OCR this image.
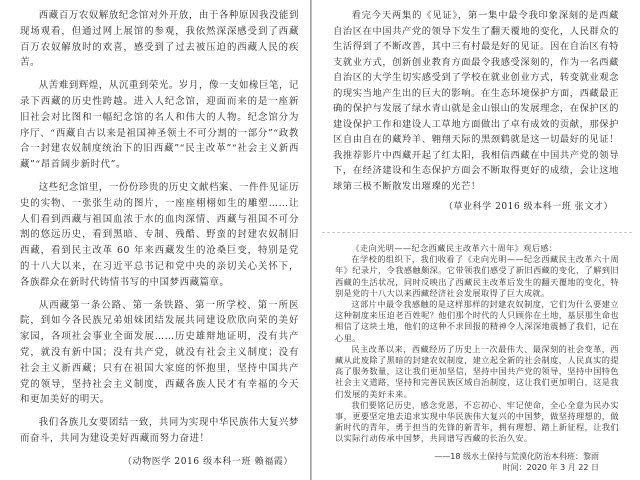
西藏百万农奴解放纪念馆对外开放，由于各种原因我没能到现场观看，但通过网上展馆的参观，我依然深深感受到了西藏百万农奴解放时的欢喜，感受到了过去被压迫的西藏人民的疾苦。

从苦难到辉煌，从沉重到荣光。岁月，像一支如椽巨笔，记录下西藏的历史性跨越。进入人纪念馆，迎面而来的是一座新旧社会对比图和一幅纪念馆的名人和伟大的人物。纪念馆分为序厅、“西藏自古以来是祖国神圣领土不可分割的一部分”“政教合一封建农奴制度统治下的旧西藏”“民主改革”“社会主义新西藏”“昂首阔步新时代”。

这些纪念馆里，一份份珍贵的历史文献档案、一件件见证历史的实物、一张张生动的图片，一座座栩栩如生的雕塑……让人们看到西藏与祖国血浓于水的血肉深情、西藏与祖国不可分割的悠远历史，看到黑暗、专制、残酷、野蛮的封建农奴制旧西藏，看到民主改革 60 年来西藏发生的沧桑巨变，特别是党的十八大以来，在习近平总书记和党中央的亲切关心关怀下，各族群众在新时代铸情书写的中国梦西藏篇章。

从西藏第一条公路、第一条铁路、第一所学校、第一所医院，到如今各民族兄弟姐妹团结发展共同建设欣欣向荣的美好家园，各项社会事业全面发展……历史雄辩地证明，没有共产党，就没有新中国；没有共产党，就没有社会主义制度；没有社会主义新西藏；只有在祖国大家庭的怀抱里，坚持中国共产党的领导，坚持社会主义制度，西藏各族人民才有幸福的今天和更加美好的明天。

我们各族儿女要团结一致，共同为实现中华民族伟大复兴梦而奋斗，共同为建设美好西藏而努力奋进！

（动物医学 2016 级本科一班 赖福霞）

看完今天两集的《见证》，第一集中最令我印象深刻的是西藏自治区在中国共产党的领导下发生了翻天覆地的变化，人民群众的生活得到了不断改善，其中三有村最是好的见证。因在自治区有特支就业方式，创新创业教育方面最令我感受深刻的，作为一名西藏自治区的大学生切实感受到了学校在就业创业方式，转变就业观念的现实当地产生出的巨大的影响。在生态环境保护方面，西藏最正确的保护与发展了绿水青山就是金山银山的发展理念，在保护区的建设保护工作和建设人工草地方面做出了卓有成效的贡献，那保护区自由自在的藏羚羊、翱翔天际的黑颈鹤就是这一切最好的见证！我推荐影片中西藏开起了红太阳，我相信西藏在中国共产党的领导下，在经济建设和生态保护方面会不断取得更好的成绩，会让这地球第三极不断散发出璀璨的光芒！

（草业科学 2016 级本科一班 张文才）

《走向光明——纪念西藏民主改革六十周年》观后感：

在学校的组织下，我们收看了《走向光明——纪念西藏民主改革六十周年》纪录片，令我感触颇深。它带领我们感受了新旧西藏的变化，了解到旧西藏的生活状况，同时反映出了西藏民主改革后发生的翻天覆地的变化，特别是党的十八大以来西藏经济社会发展取得了巨大成就。

这部片中最令我感触的是这样那样的封建农奴制度，它们为什么要建立这种制度来压迫老百姓呢？他们那个时代的人只顾你在土地，基层那生命也相信了这块土地，他们的这种不求回报的精神令人深深地震撼了我们，记在心里。

民主改革以来，西藏经历了历史上一次最伟大、最深刻的社会变革，西藏从此废除了黑暗的封建农奴制度，建立起全新的社会制度，人民真实的提高了服务数量，这让我们更加坚信，坚持中国共产党的领导，坚持中国特色社会主义道路，坚持和完善民族区域自治制度，这让我们更加明白，这是我们发展的美好未来。

我们要铭记历史，感念党恩，不忘初心、牢记使命，全心全意为民办实事，更要坚定地去追求实现中华民族伟大复兴的中国梦，做坚持理想的，做新时代的青年，勇于担当的先锋的新青年，拥有理想、踏上新征程，让我们以实际行动传承中国梦，共同谱写西藏的长治久安。

——18 级水土保持与荒漠化防治本科班：黎雨
时间：2020 年 3 月 22 日
